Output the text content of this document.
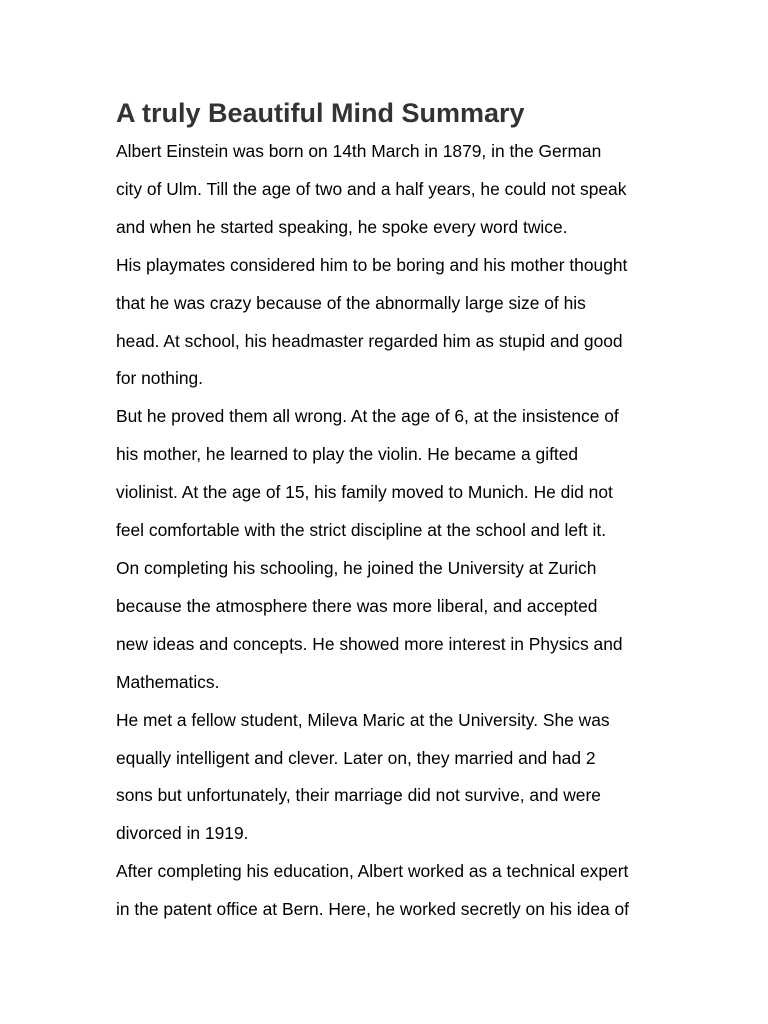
A truly Beautiful Mind Summary

Albert Einstein was born on 14th March in 1879, in the German
city of Ulm. Till the age of two and a half years, he could not speak
and when he started speaking, he spoke every word twice.

His playmates considered him to be boring and his mother thought
that he was crazy because of the abnormally large size of his
head. At school, his headmaster regarded him as stupid and good
for nothing.

But he proved them all wrong. At the age of 6, at the insistence of
his mother, he learned to play the violin. He became a gifted
violinist. At the age of 15, his family moved to Munich. He did not
feel comfortable with the strict discipline at the school and left it.

On completing his schooling, he joined the University at Zurich
because the atmosphere there was more liberal, and accepted
new ideas and concepts. He showed more interest in Physics and
Mathematics.

He met a fellow student, Mileva Maric at the University. She was
equally intelligent and clever. Later on, they married and had 2
sons but unfortunately, their marriage did not survive, and were
divorced in 1919.

After completing his education, Albert worked as a technical expert
in the patent office at Bern. Here, he worked secretly on his idea of
